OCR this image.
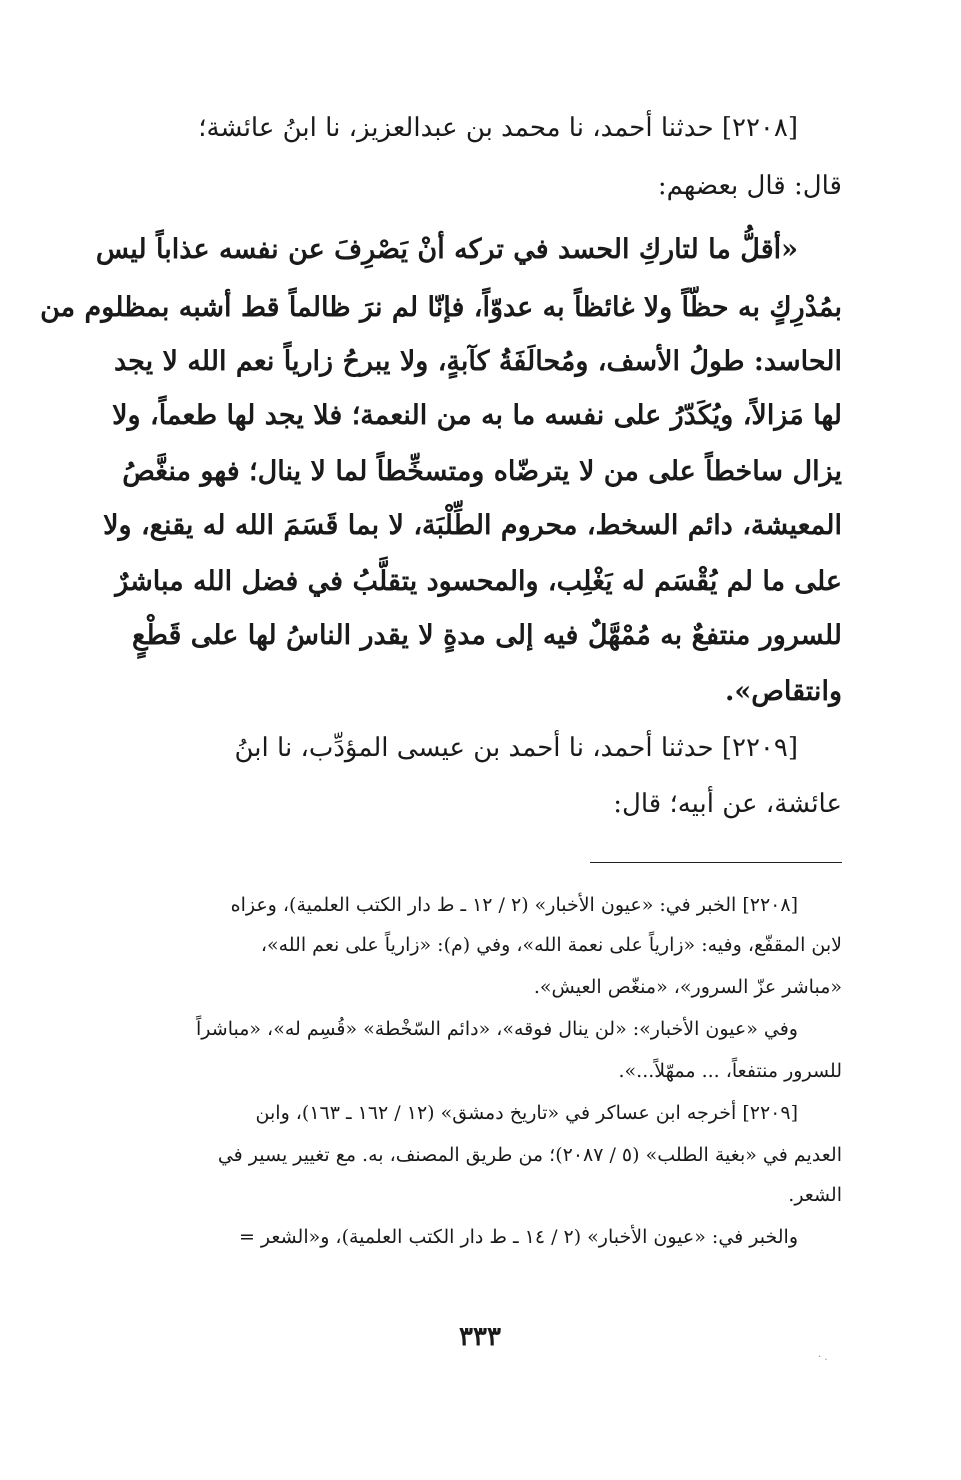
[٢٢٠٨] حدثنا أحمد، نا محمد بن عبدالعزيز، نا ابنُ عائشة؛
قال: قال بعضهم:
«أقلُّ ما لتاركِ الحسد في تركه أنْ يَصْرِفَ عن نفسه عذاباً ليس
بمُدْرِكٍ به حظّاً ولا غائظاً به عدوّاً، فإنّا لم نرَ ظالماً قط أشبه بمظلوم من
الحاسد: طولُ الأسف، ومُحالَفَةُ كآبةٍ، ولا يبرحُ زارياً نعم الله لا يجد
لها مَزالاً، ويُكَدّرُ على نفسه ما به من النعمة؛ فلا يجد لها طعماً، ولا
يزال ساخطاً على من لا يترضّاه ومتسخِّطاً لما لا ينال؛ فهو منغَّصُ
المعيشة، دائم السخط، محروم الطِّلْبَة، لا بما قَسَمَ الله له يقنع، ولا
على ما لم يُقْسَم له يَغْلِب، والمحسود يتقلَّبُ في فضل الله مباشرٌ
للسرور منتفعٌ به مُمْهَّلٌ فيه إلى مدةٍ لا يقدر الناسُ لها على قَطْعٍ
وانتقاص».
[٢٢٠٩] حدثنا أحمد، نا أحمد بن عيسى المؤدِّب، نا ابنُ
عائشة، عن أبيه؛ قال:
[٢٢٠٨] الخبر في: «عيون الأخبار» (٢ / ١٢ ـ ط دار الكتب العلمية)، وعزاه
لابن المقفّع، وفيه: «زارياً على نعمة الله»، وفي (م): «زارياً على نعم الله»،
«مباشر عزّ السرور»، «منغّص العيش».
وفي «عيون الأخبار»: «لن ينال فوقه»، «دائم السّخْطة» «قُسِم له»، «مباشراً
للسرور منتفعاً، ... ممهّلاً...».
[٢٢٠٩] أخرجه ابن عساكر في «تاريخ دمشق» (١٢ / ١٦٢ ـ ١٦٣)، وابن
العديم في «بغية الطلب» (٥ / ٢٠٨٧)؛ من طريق المصنف، به. مع تغيير يسير في
الشعر.
والخبر في: «عيون الأخبار» (٢ / ١٤ ـ ط دار الكتب العلمية)، و«الشعر =
٣٣٣
· .
